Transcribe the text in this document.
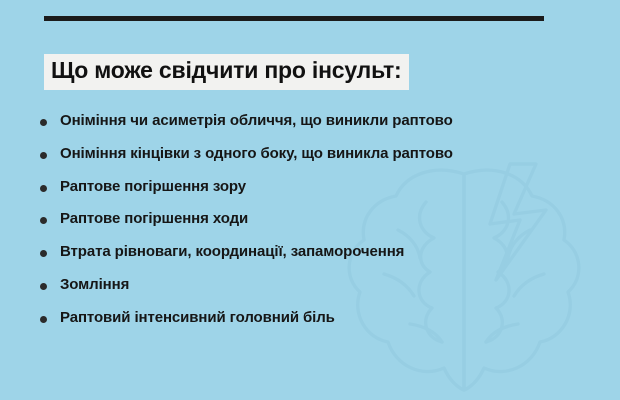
Що може свідчити про інсульт:
Оніміння чи асиметрія обличчя, що виникли раптово
Оніміння кінцівки з одного боку, що виникла раптово
Раптове погіршення зору
Раптове погіршення ходи
Втрата рівноваги, координації, запаморочення
Зомління
Раптовий інтенсивний головний біль
